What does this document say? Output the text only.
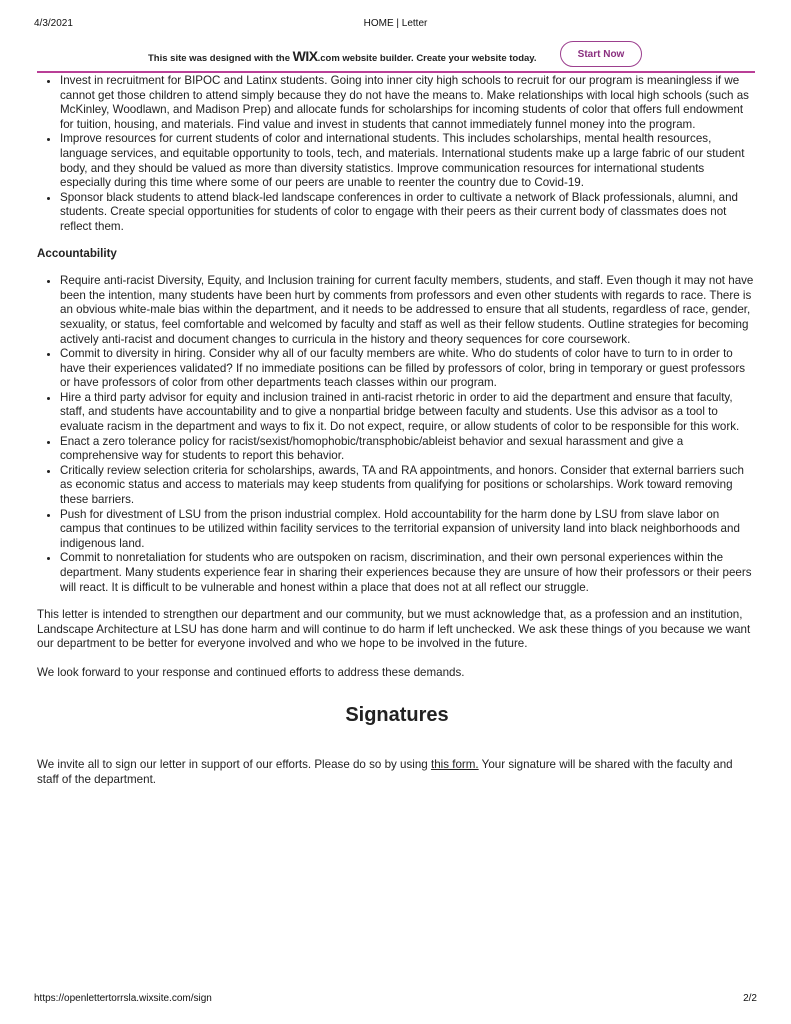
4/3/2021	HOME | Letter
This site was designed with the WIX.com website builder. Create your website today.	Start Now
• Invest in recruitment for BIPOC and Latinx students. Going into inner city high schools to recruit for our program is meaningless if we cannot get those children to attend simply because they do not have the means to. Make relationships with local high schools (such as McKinley, Woodlawn, and Madison Prep) and allocate funds for scholarships for incoming students of color that offers full endowment for tuition, housing, and materials. Find value and invest in students that cannot immediately funnel money into the program.
• Improve resources for current students of color and international students. This includes scholarships, mental health resources, language services, and equitable opportunity to tools, tech, and materials. International students make up a large fabric of our student body, and they should be valued as more than diversity statistics. Improve communication resources for international students especially during this time where some of our peers are unable to reenter the country due to Covid-19.
• Sponsor black students to attend black-led landscape conferences in order to cultivate a network of Black professionals, alumni, and students. Create special opportunities for students of color to engage with their peers as their current body of classmates does not reflect them.
Accountability
• Require anti-racist Diversity, Equity, and Inclusion training for current faculty members, students, and staff. Even though it may not have been the intention, many students have been hurt by comments from professors and even other students with regards to race. There is an obvious white-male bias within the department, and it needs to be addressed to ensure that all students, regardless of race, gender, sexuality, or status, feel comfortable and welcomed by faculty and staff as well as their fellow students. Outline strategies for becoming actively anti-racist and document changes to curricula in the history and theory sequences for core coursework.
• Commit to diversity in hiring. Consider why all of our faculty members are white. Who do students of color have to turn to in order to have their experiences validated? If no immediate positions can be filled by professors of color, bring in temporary or guest professors or have professors of color from other departments teach classes within our program.
• Hire a third party advisor for equity and inclusion trained in anti-racist rhetoric in order to aid the department and ensure that faculty, staff, and students have accountability and to give a nonpartial bridge between faculty and students. Use this advisor as a tool to evaluate racism in the department and ways to fix it. Do not expect, require, or allow students of color to be responsible for this work.
• Enact a zero tolerance policy for racist/sexist/homophobic/transphobic/ableist behavior and sexual harassment and give a comprehensive way for students to report this behavior.
• Critically review selection criteria for scholarships, awards, TA and RA appointments, and honors. Consider that external barriers such as economic status and access to materials may keep students from qualifying for positions or scholarships. Work toward removing these barriers.
• Push for divestment of LSU from the prison industrial complex. Hold accountability for the harm done by LSU from slave labor on campus that continues to be utilized within facility services to the territorial expansion of university land into black neighborhoods and indigenous land.
• Commit to nonretaliation for students who are outspoken on racism, discrimination, and their own personal experiences within the department. Many students experience fear in sharing their experiences because they are unsure of how their professors or their peers will react. It is difficult to be vulnerable and honest within a place that does not at all reflect our struggle.

This letter is intended to strengthen our department and our community, but we must acknowledge that, as a profession and an institution, Landscape Architecture at LSU has done harm and will continue to do harm if left unchecked. We ask these things of you because we want our department to be better for everyone involved and who we hope to be involved in the future.

We look forward to your response and continued efforts to address these demands.

Signatures

We invite all to sign our letter in support of our efforts. Please do so by using this form. Your signature will be shared with the faculty and staff of the department.

https://openlettertorrsla.wixsite.com/sign	2/2
